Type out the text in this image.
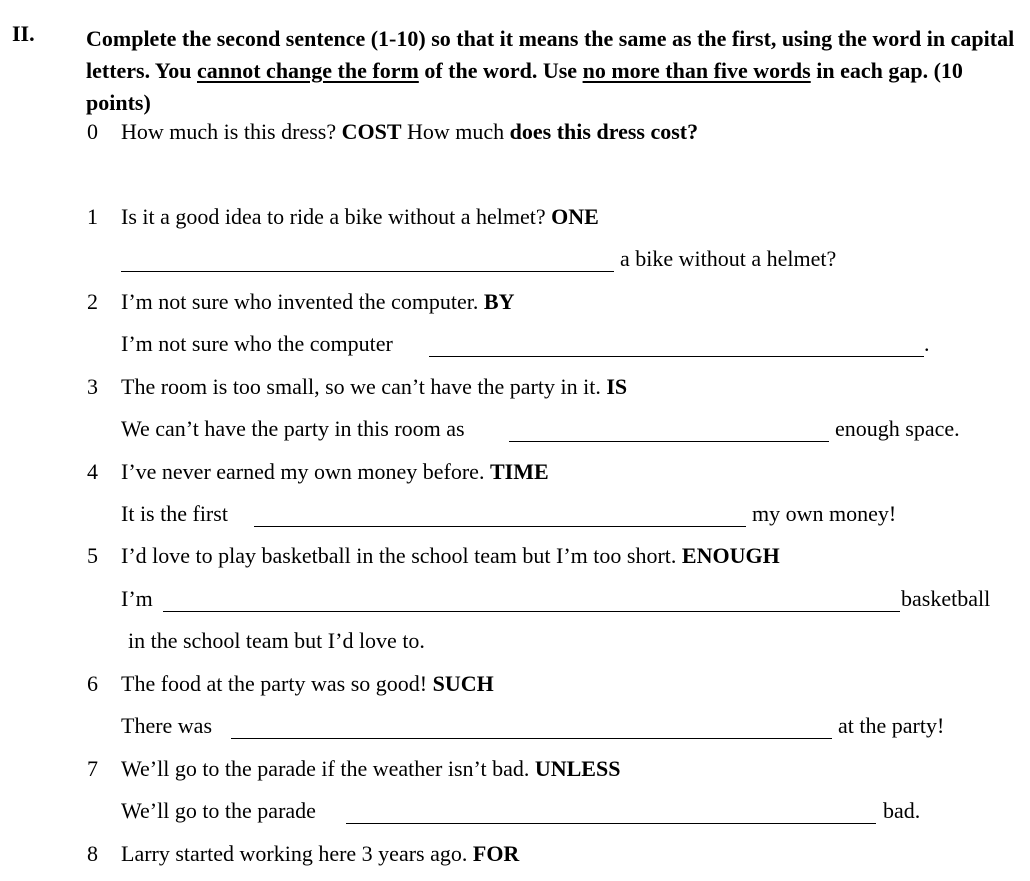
II. Complete the second sentence (1-10) so that it means the same as the first, using the word in capital letters. You cannot change the form of the word. Use no more than five words in each gap. (10 points)
0 How much is this dress? COST How much does this dress cost?
1 Is it a good idea to ride a bike without a helmet? ONE
a bike without a helmet?
2 I’m not sure who invented the computer. BY
I’m not sure who the computer	.
3 The room is too small, so we can’t have the party in it. IS
We can’t have the party in this room as	enough space.
4 I’ve never earned my own money before. TIME
It is the first	my own money!
5 I’d love to play basketball in the school team but I’m too short. ENOUGH
I’m	basketball
in the school team but I’d love to.
6 The food at the party was so good! SUCH
There was	at the party!
7 We’ll go to the parade if the weather isn’t bad. UNLESS
We’ll go to the parade	bad.
8 Larry started working here 3 years ago. FOR
